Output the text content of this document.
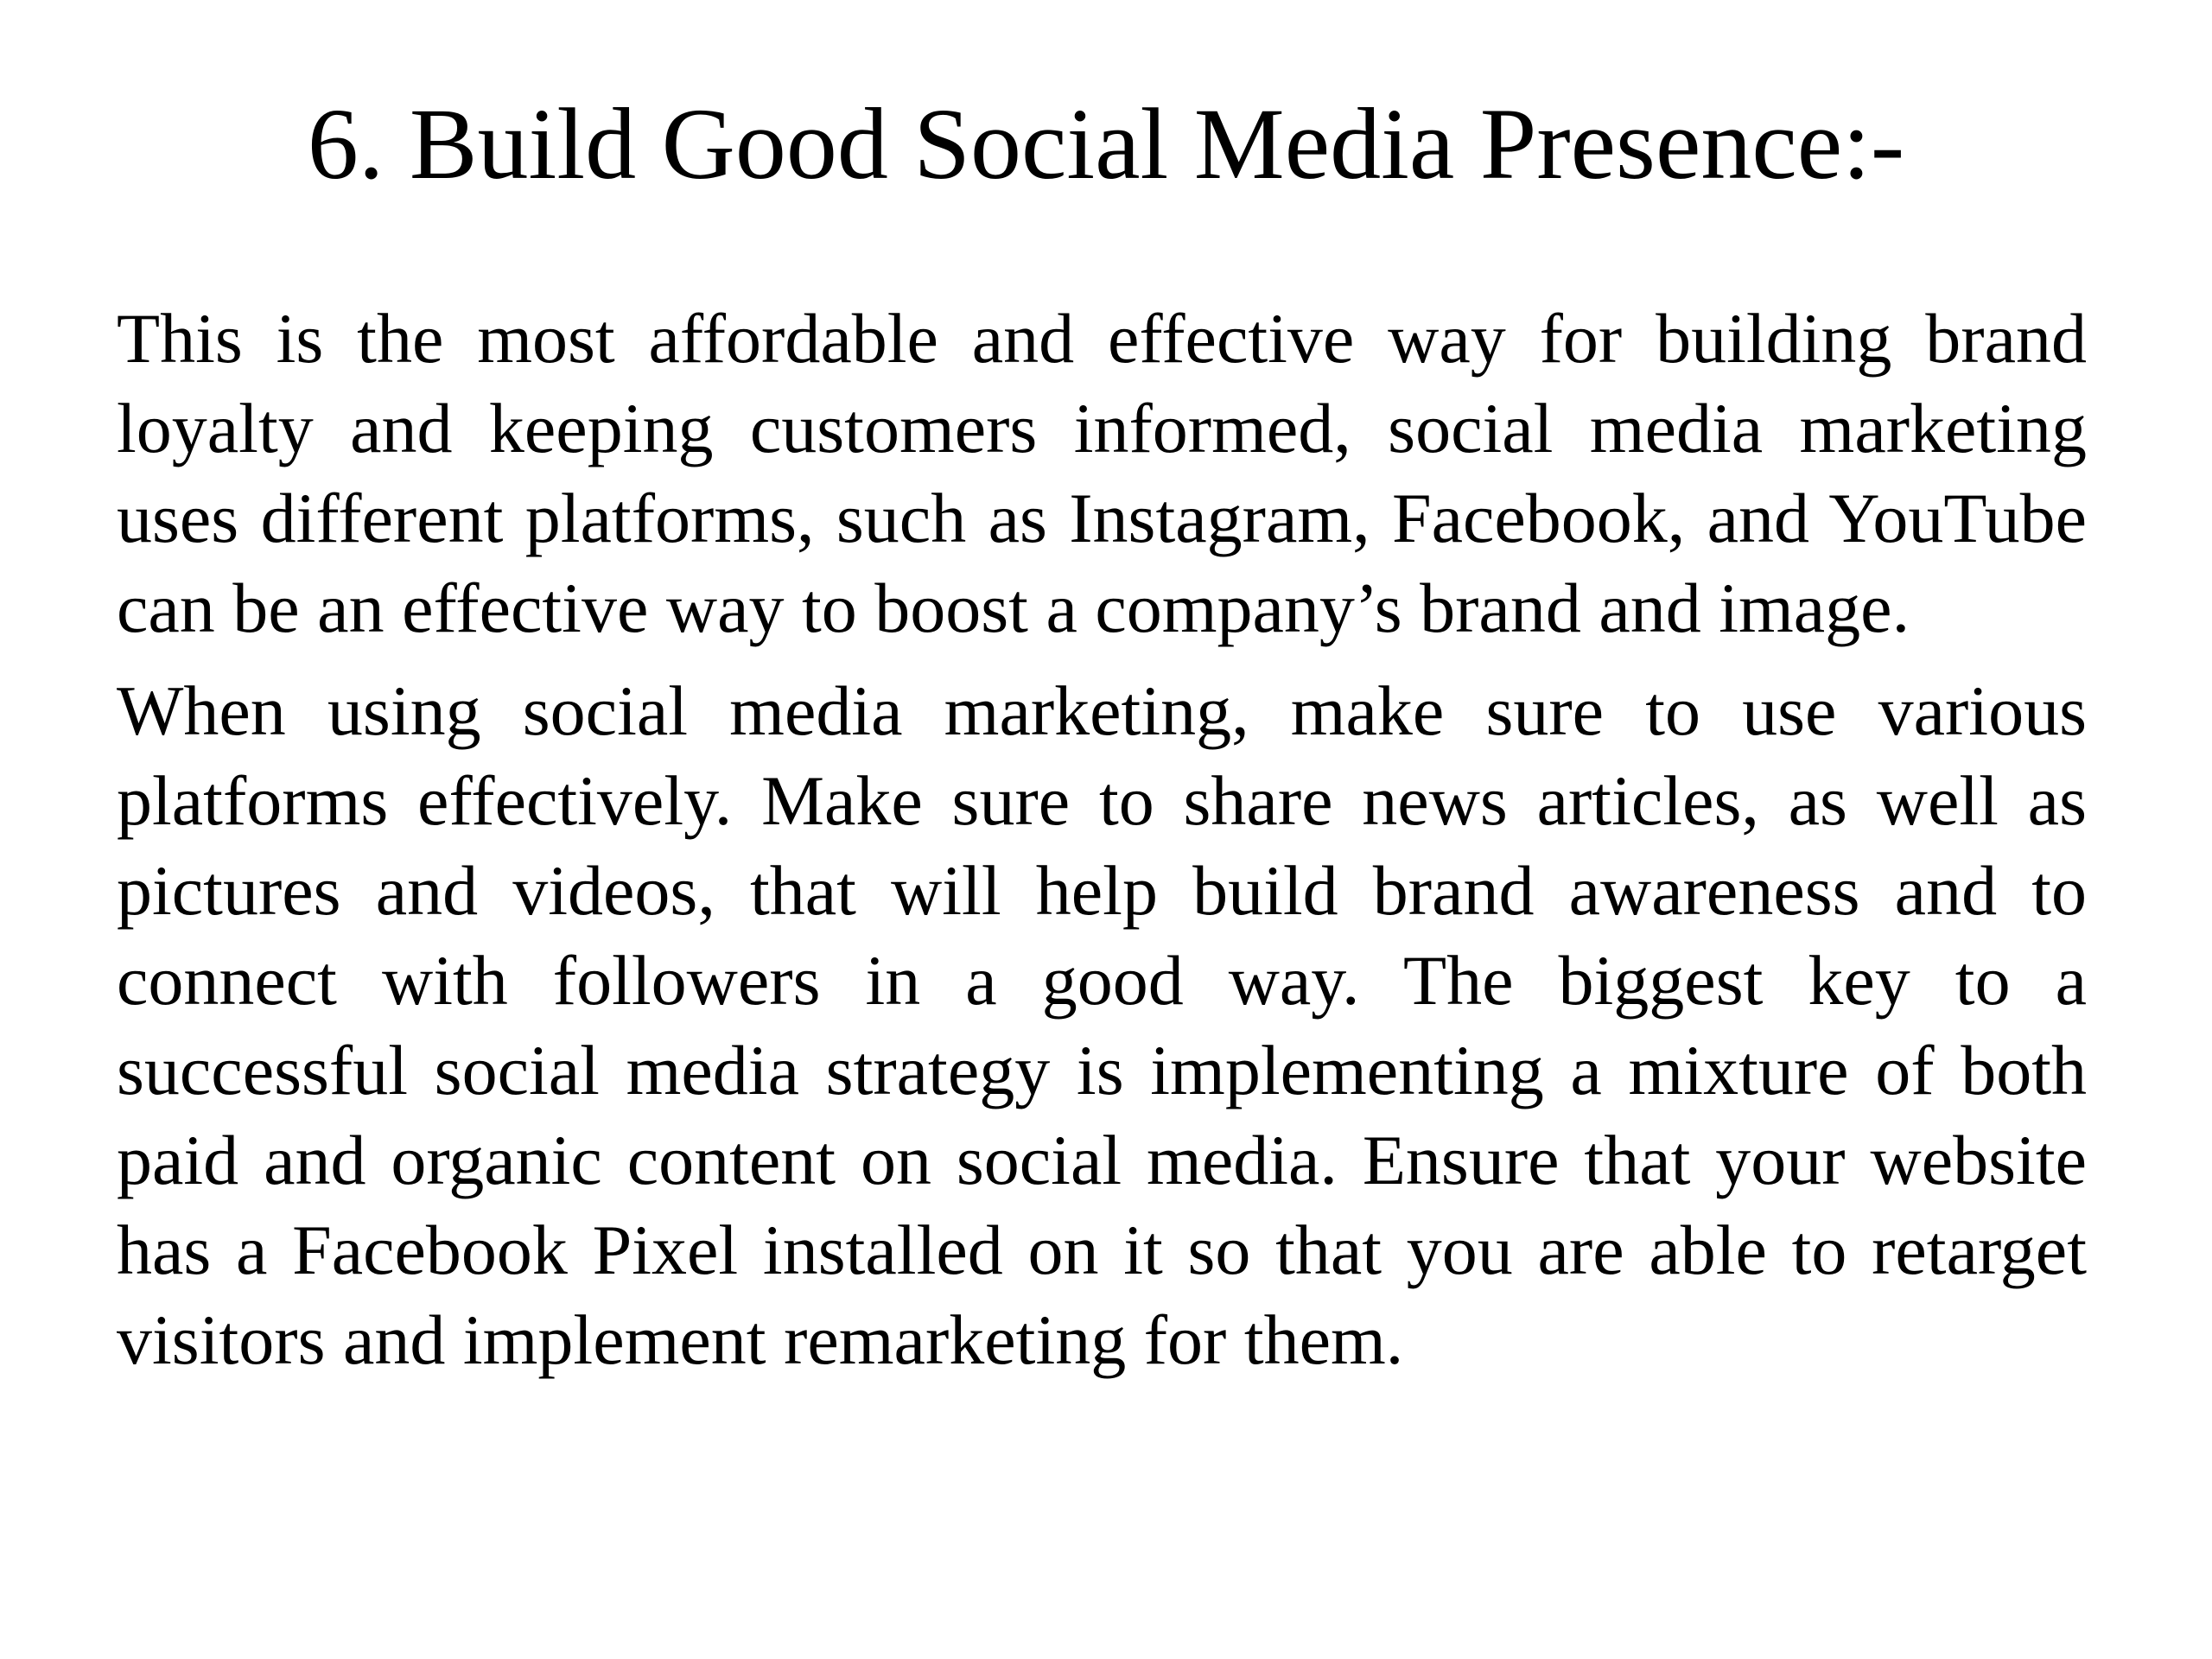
6. Build Good Social Media Presence:-

This is the most affordable and effective way for building brand loyalty and keeping customers informed, social media marketing uses different platforms, such as Instagram, Facebook, and YouTube can be an effective way to boost a company’s brand and image.

When using social media marketing, make sure to use various platforms effectively. Make sure to share news articles, as well as pictures and videos, that will help build brand awareness and to connect with followers in a good way. The biggest key to a successful social media strategy is implementing a mixture of both paid and organic content on social media. Ensure that your website has a Facebook Pixel installed on it so that you are able to retarget visitors and implement remarketing for them.
